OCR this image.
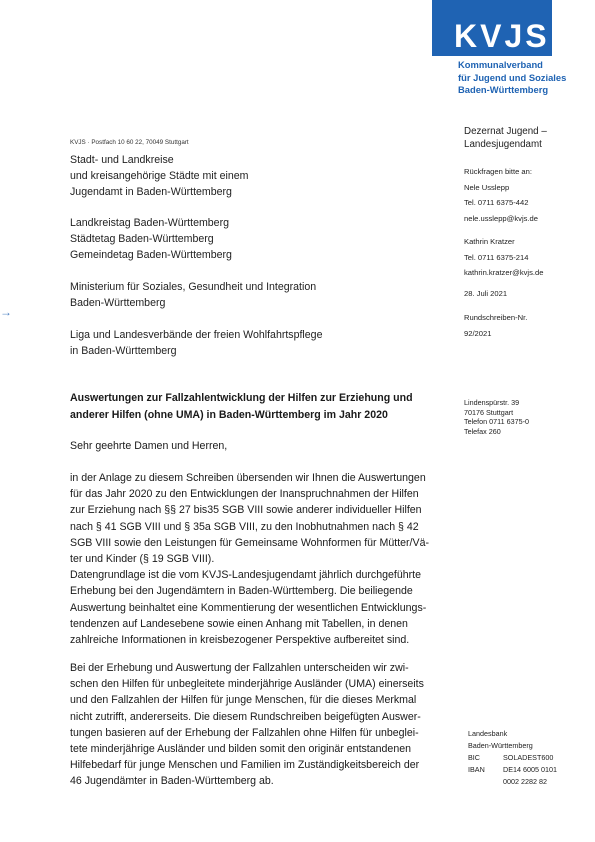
KVJS
Kommunalverband
für Jugend und Soziales
Baden-Württemberg
KVJS · Postfach 10 60 22, 70049 Stuttgart
Stadt- und Landkreise
und kreisangehörige Städte mit einem
Jugendamt in Baden-Württemberg
Landkreistag Baden-Württemberg
Städtetag Baden-Württemberg
Gemeindetag Baden-Württemberg
Ministerium für Soziales, Gesundheit und Integration
Baden-Württemberg
Liga und Landesverbände der freien Wohlfahrtspflege
in Baden-Württemberg
→
Dezernat Jugend –
Landesjugendamt
Rückfragen bitte an:
Nele Usslepp
Tel. 0711 6375-442
nele.usslepp@kvjs.de
Kathrin Kratzer
Tel. 0711 6375-214
kathrin.kratzer@kvjs.de
28. Juli 2021
Rundschreiben-Nr.
92/2021
Lindenspürstr. 39
70176 Stuttgart
Telefon 0711 6375-0
Telefax 260
Auswertungen zur Fallzahlentwicklung der Hilfen zur Erziehung und
anderer Hilfen (ohne UMA) in Baden-Württemberg im Jahr 2020
Sehr geehrte Damen und Herren,
in der Anlage zu diesem Schreiben übersenden wir Ihnen die Auswertungen
für das Jahr 2020 zu den Entwicklungen der Inanspruchnahmen der Hilfen
zur Erziehung nach §§ 27 bis35 SGB VIII sowie anderer individueller Hilfen
nach § 41 SGB VIII und § 35a SGB VIII, zu den Inobhutnahmen nach § 42
SGB VIII sowie den Leistungen für Gemeinsame Wohnformen für Mütter/Vä-
ter und Kinder (§ 19 SGB VIII).
Datengrundlage ist die vom KVJS-Landesjugendamt jährlich durchgeführte
Erhebung bei den Jugendämtern in Baden-Württemberg. Die beiliegende
Auswertung beinhaltet eine Kommentierung der wesentlichen Entwicklungs-
tendenzen auf Landesebene sowie einen Anhang mit Tabellen, in denen
zahlreiche Informationen in kreisbezogener Perspektive aufbereitet sind.
Bei der Erhebung und Auswertung der Fallzahlen unterscheiden wir zwi-
schen den Hilfen für unbegleitete minderjährige Ausländer (UMA) einerseits
und den Fallzahlen der Hilfen für junge Menschen, für die dieses Merkmal
nicht zutrifft, andererseits. Die diesem Rundschreiben beigefügten Auswer-
tungen basieren auf der Erhebung der Fallzahlen ohne Hilfen für unbeglei-
tete minderjährige Ausländer und bilden somit den originär entstandenen
Hilfebedarf für junge Menschen und Familien im Zuständigkeitsbereich der
46 Jugendämter in Baden-Württemberg ab.
Landesbank
Baden-Württemberg
BIC	SOLADEST600
IBAN	DE14 6005 0101
0002 2282 82
